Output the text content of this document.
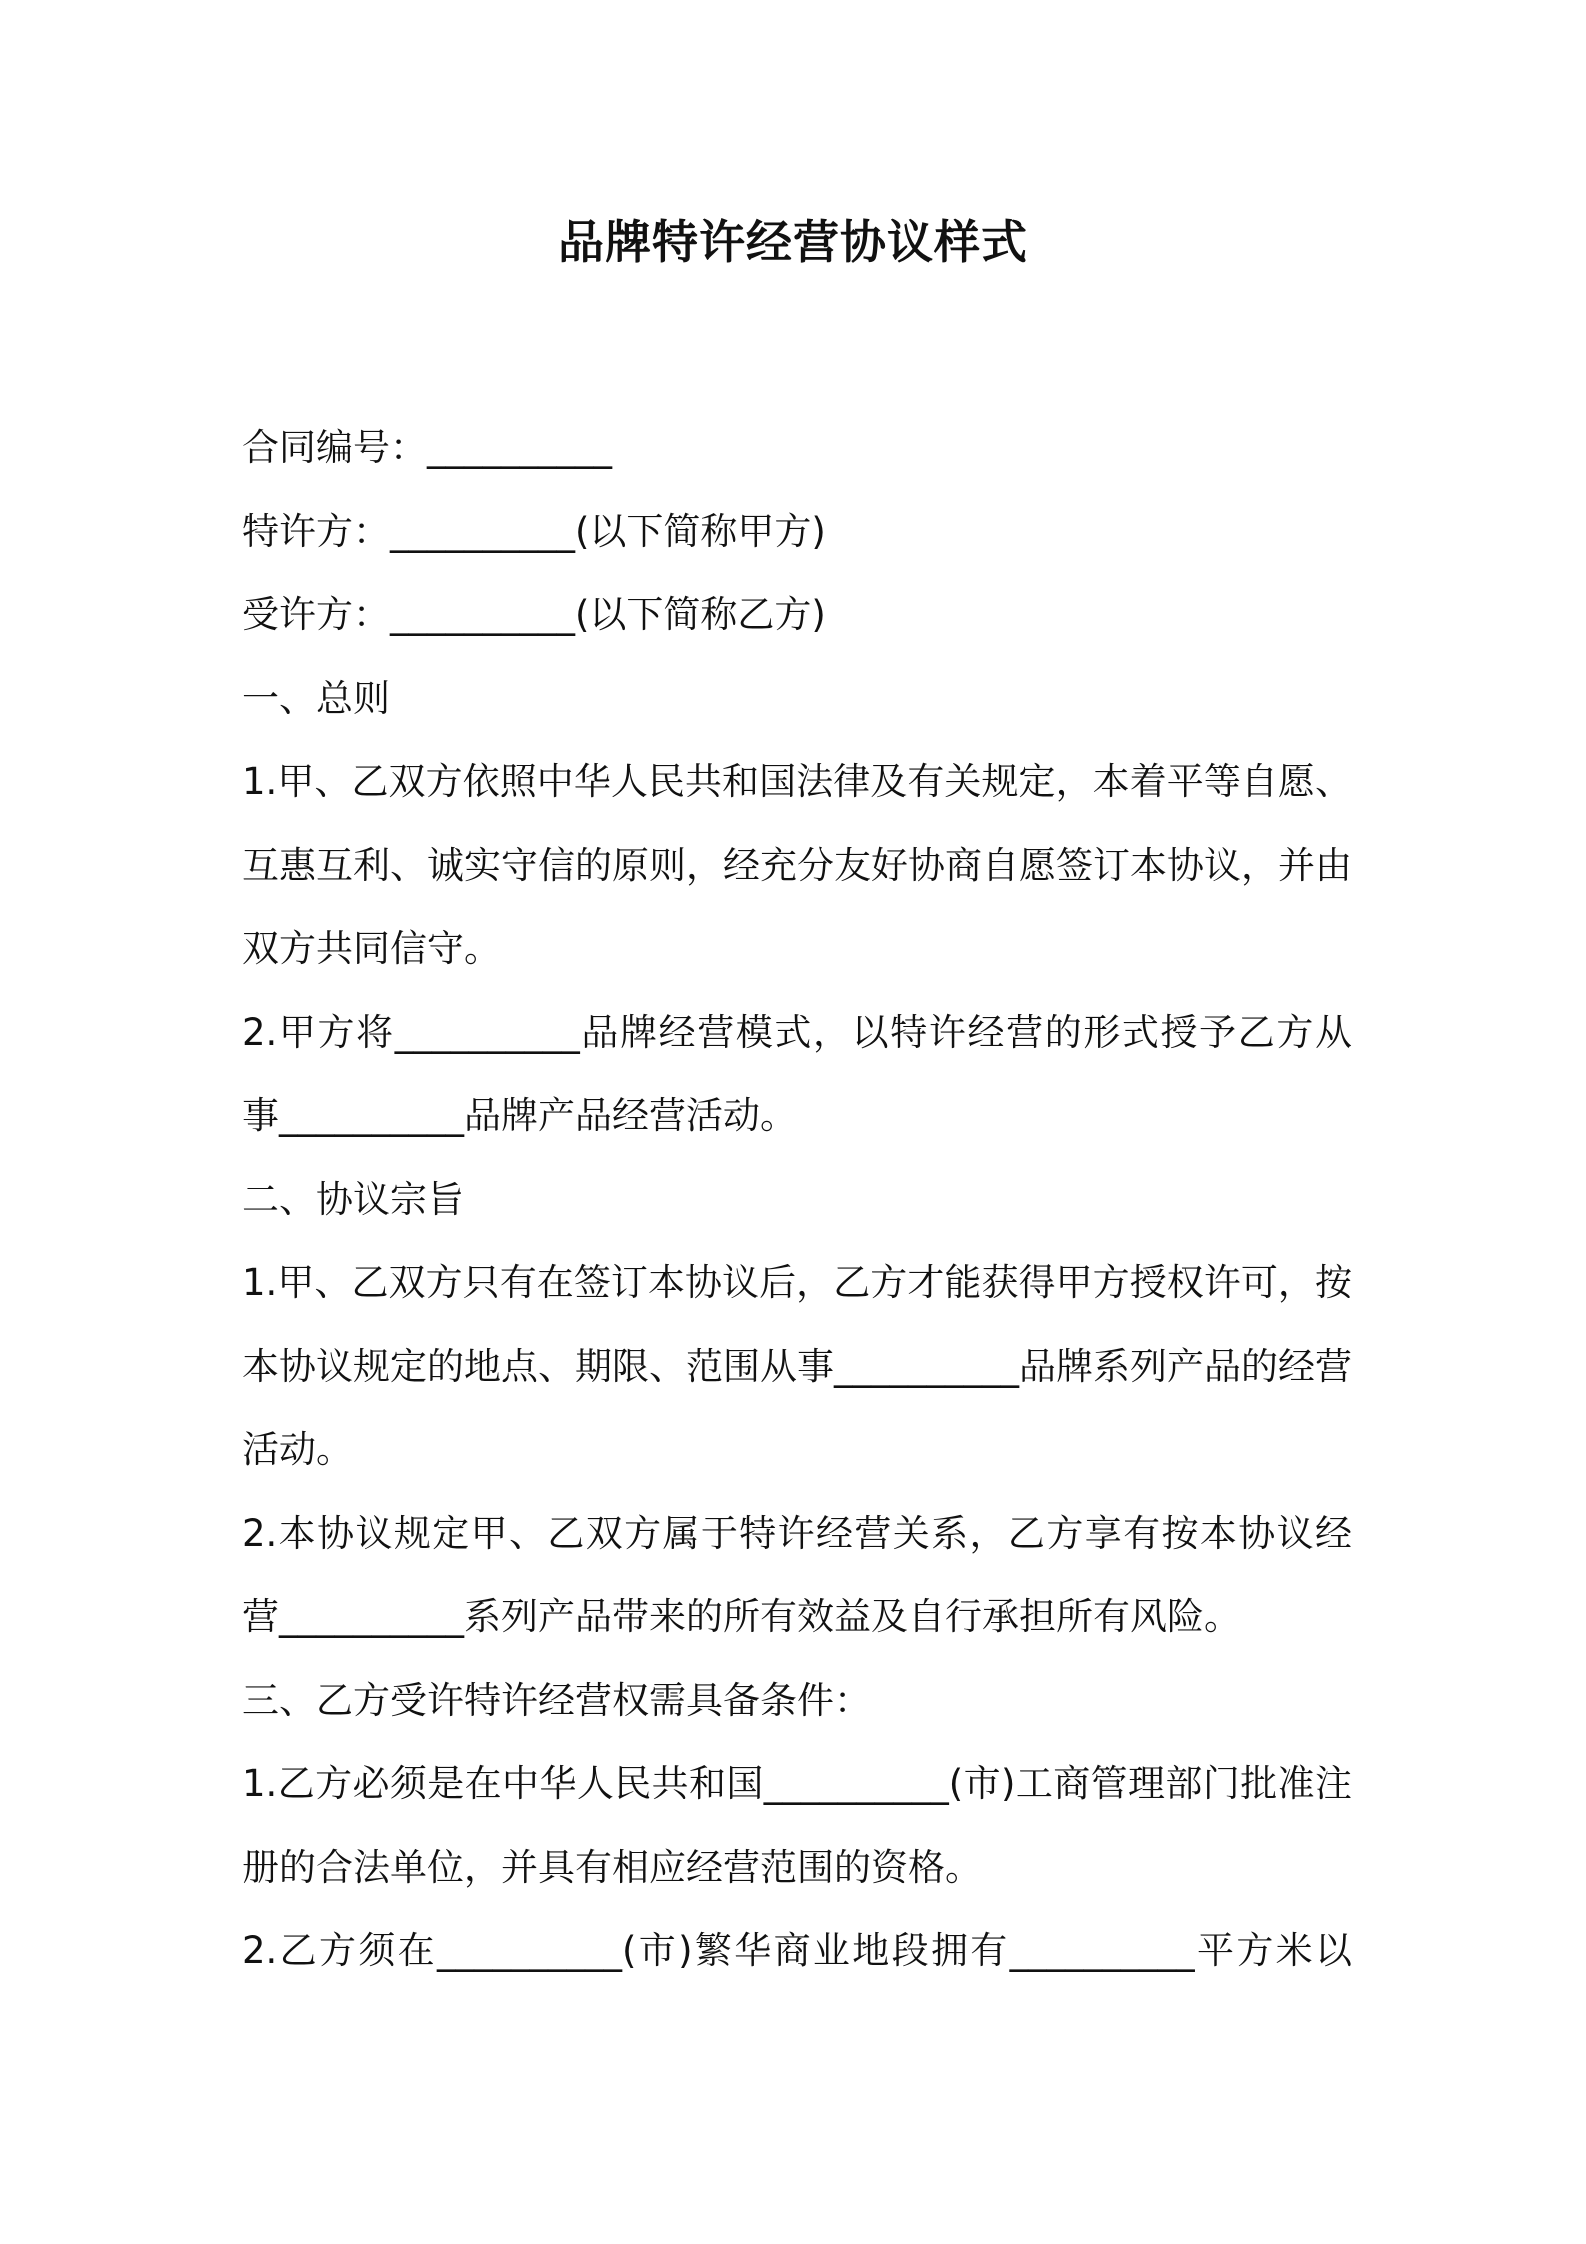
品牌特许经营协议样式
合同编号：__________
特许方：__________(以下简称甲方)
受许方：__________(以下简称乙方)
一、总则
1.甲、乙双方依照中华人民共和国法律及有关规定，本着平等自愿、
互惠互利、诚实守信的原则，经充分友好协商自愿签订本协议，并由
双方共同信守。
2.甲方将__________品牌经营模式，以特许经营的形式授予乙方从
事__________品牌产品经营活动。
二、协议宗旨
1.甲、乙双方只有在签订本协议后，乙方才能获得甲方授权许可，按
本协议规定的地点、期限、范围从事__________品牌系列产品的经营
活动。
2.本协议规定甲、乙双方属于特许经营关系，乙方享有按本协议经
营__________系列产品带来的所有效益及自行承担所有风险。
三、乙方受许特许经营权需具备条件：
1.乙方必须是在中华人民共和国__________(市)工商管理部门批准注
册的合法单位，并具有相应经营范围的资格。
2.乙方须在__________(市)繁华商业地段拥有__________平方米以
